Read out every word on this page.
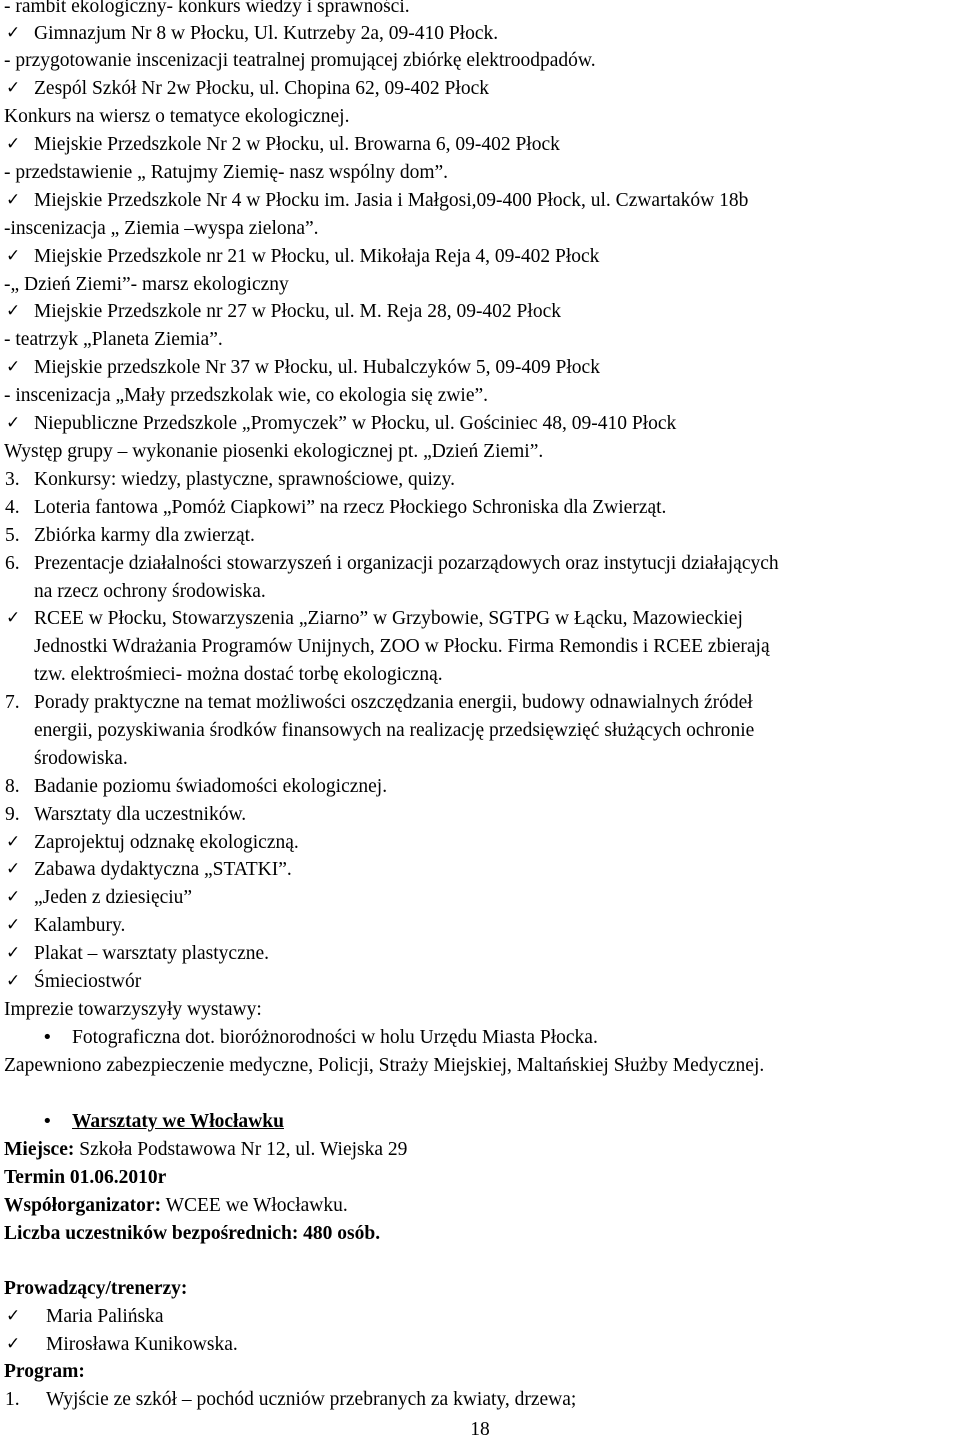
- rambit ekologiczny- konkurs wiedzy i sprawności.
✓ Gimnazjum Nr 8 w Płocku, Ul. Kutrzeby 2a, 09-410 Płock.
- przygotowanie inscenizacji teatralnej promującej zbiórkę elektroodpadów.
✓ Zespól Szkół Nr 2w Płocku, ul. Chopina 62, 09-402 Płock
Konkurs na wiersz o tematyce ekologicznej.
✓ Miejskie Przedszkole Nr 2 w Płocku, ul. Browarna 6, 09-402 Płock
- przedstawienie „ Ratujmy Ziemię- nasz wspólny dom”.
✓ Miejskie Przedszkole Nr 4 w Płocku im. Jasia i Małgosi,09-400 Płock, ul. Czwartaków 18b
-inscenizacja „ Ziemia –wyspa zielona”.
✓ Miejskie Przedszkole nr 21 w Płocku, ul. Mikołaja Reja 4, 09-402 Płock
-„ Dzień Ziemi”- marsz ekologiczny
✓ Miejskie Przedszkole nr 27 w Płocku, ul. M. Reja 28, 09-402 Płock
- teatrzyk „Planeta Ziemia”.
✓ Miejskie przedszkole Nr 37 w Płocku, ul. Hubalczyków 5, 09-409 Płock
- inscenizacja „Mały przedszkolak wie, co ekologia się zwie”.
✓ Niepubliczne Przedszkole „Promyczek” w Płocku, ul. Gościniec 48, 09-410 Płock
Występ grupy – wykonanie piosenki ekologicznej pt. „Dzień Ziemi”.
3. Konkursy: wiedzy, plastyczne, sprawnościowe, quizy.
4. Loteria fantowa „Pomóż Ciapkowi” na rzecz Płockiego Schroniska dla Zwierząt.
5. Zbiórka karmy dla zwierząt.
6. Prezentacje działalności stowarzyszeń i organizacji pozarządowych oraz instytucji działających
na rzecz ochrony środowiska.
✓ RCEE w Płocku, Stowarzyszenia „Ziarno” w Grzybowie, SGTPG w Łącku, Mazowieckiej
Jednostki Wdrażania Programów Unijnych, ZOO w Płocku. Firma Remondis i RCEE zbierają
tzw. elektrośmieci- można dostać torbę ekologiczną.
7. Porady praktyczne na temat możliwości oszczędzania energii, budowy odnawialnych źródeł
energii, pozyskiwania środków finansowych na realizację przedsięwzięć służących ochronie
środowiska.
8. Badanie poziomu świadomości ekologicznej.
9. Warsztaty dla uczestników.
✓ Zaprojektuj odznakę ekologiczną.
✓ Zabawa dydaktyczna „STATKI”.
✓ „Jeden z dziesięciu”
✓ Kalambury.
✓ Plakat – warsztaty plastyczne.
✓ Śmieciostwór
Imprezie towarzyszyły wystawy:
• Fotograficzna dot. bioróżnorodności w holu Urzędu Miasta Płocka.
Zapewniono zabezpieczenie medyczne, Policji, Straży Miejskiej, Maltańskiej Służby Medycznej.
• Warsztaty we Włocławku
Miejsce: Szkoła Podstawowa Nr 12, ul. Wiejska 29
Termin 01.06.2010r
Współorganizator: WCEE we Włocławku.
Liczba uczestników bezpośrednich: 480 osób.
Prowadzący/trenerzy:
✓ Maria Palińska
✓ Mirosława Kunikowska.
Program:
1. Wyjście ze szkół – pochód uczniów przebranych za kwiaty, drzewa;
18
